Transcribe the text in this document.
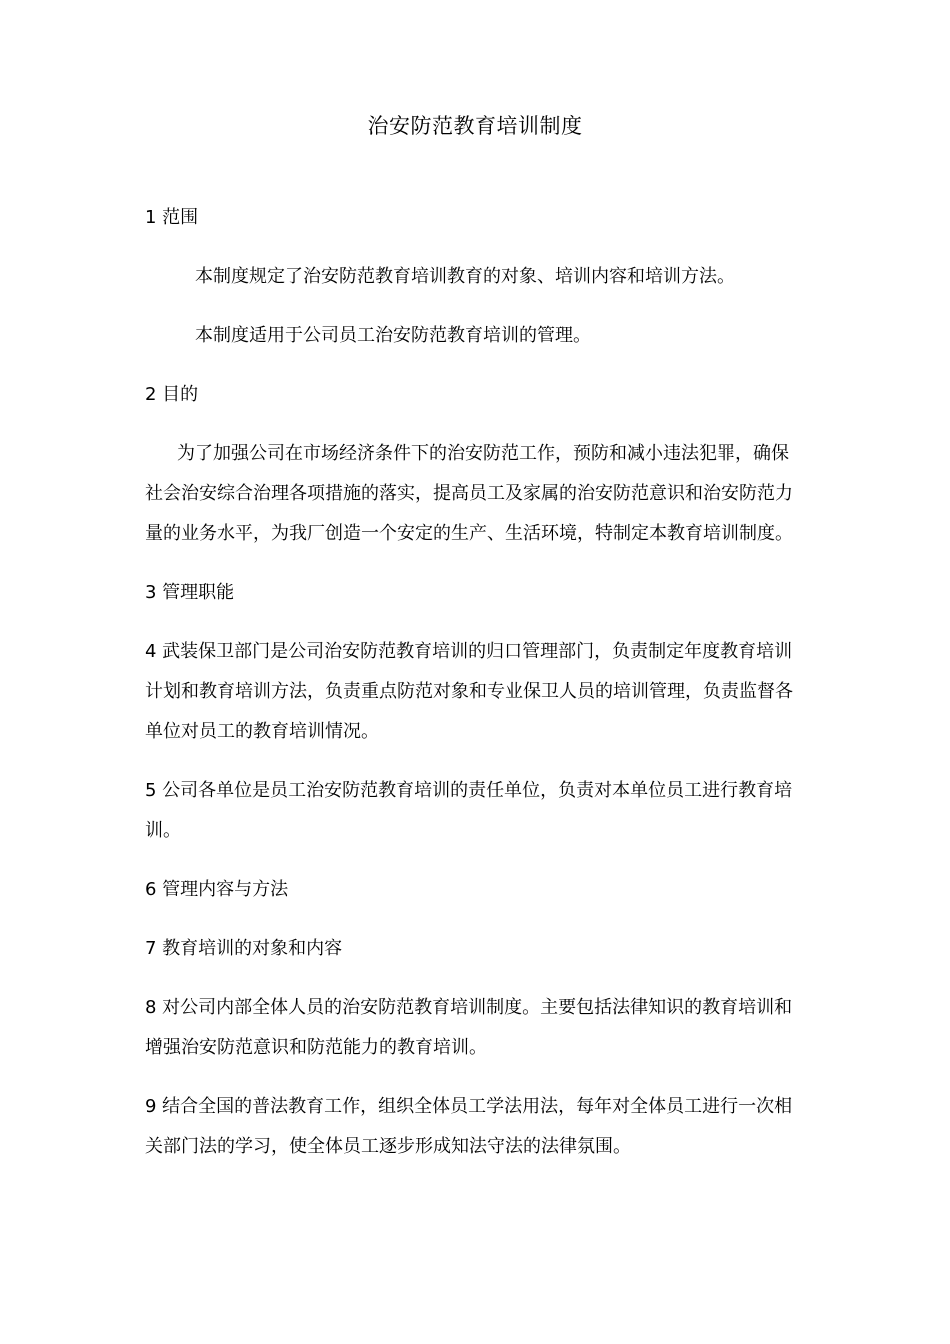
治安防范教育培训制度

1 范围

本制度规定了治安防范教育培训教育的对象、培训内容和培训方法。

本制度适用于公司员工治安防范教育培训的管理。

2 目的

为了加强公司在市场经济条件下的治安防范工作，预防和减小违法犯罪，确保社会治安综合治理各项措施的落实，提高员工及家属的治安防范意识和治安防范力量的业务水平，为我厂创造一个安定的生产、生活环境，特制定本教育培训制度。

3 管理职能

4 武装保卫部门是公司治安防范教育培训的归口管理部门，负责制定年度教育培训计划和教育培训方法，负责重点防范对象和专业保卫人员的培训管理，负责监督各单位对员工的教育培训情况。

5 公司各单位是员工治安防范教育培训的责任单位，负责对本单位员工进行教育培训。

6 管理内容与方法

7 教育培训的对象和内容

8 对公司内部全体人员的治安防范教育培训制度。主要包括法律知识的教育培训和增强治安防范意识和防范能力的教育培训。

9 结合全国的普法教育工作，组织全体员工学法用法，每年对全体员工进行一次相关部门法的学习，使全体员工逐步形成知法守法的法律氛围。
